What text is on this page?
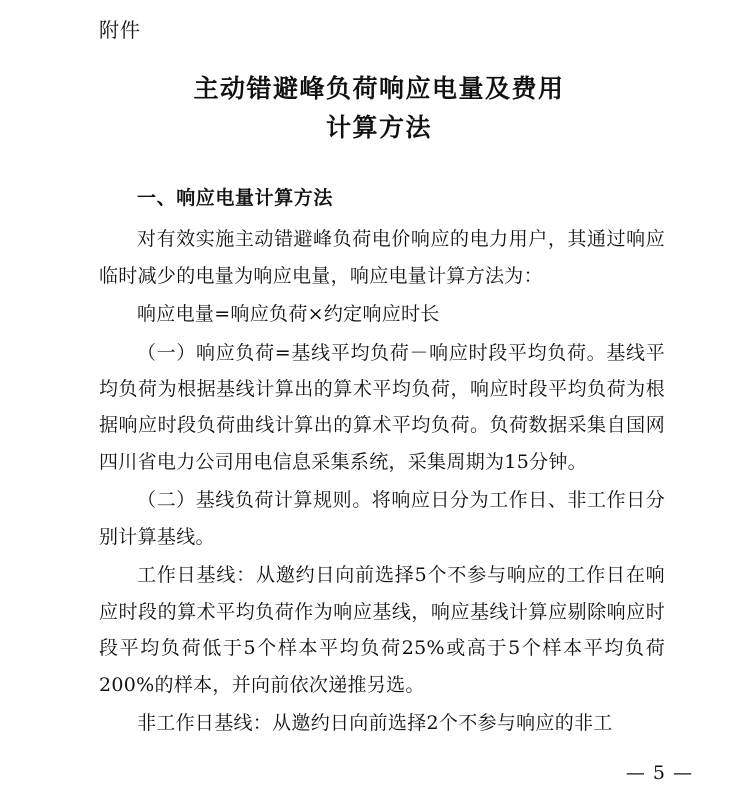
附件
主动错避峰负荷响应电量及费用
计算方法
一、响应电量计算方法

对有效实施主动错避峰负荷电价响应的电力用户，其通过响应临时减少的电量为响应电量，响应电量计算方法为：

响应电量=响应负荷×约定响应时长

（一）响应负荷=基线平均负荷－响应时段平均负荷。基线平均负荷为根据基线计算出的算术平均负荷，响应时段平均负荷为根据响应时段负荷曲线计算出的算术平均负荷。负荷数据采集自国网四川省电力公司用电信息采集系统，采集周期为15分钟。

（二）基线负荷计算规则。将响应日分为工作日、非工作日分别计算基线。

工作日基线：从邀约日向前选择5个不参与响应的工作日在响应时段的算术平均负荷作为响应基线，响应基线计算应剔除响应时段平均负荷低于5个样本平均负荷25%或高于5个样本平均负荷200%的样本，并向前依次递推另选。

非工作日基线：从邀约日向前选择2个不参与响应的非工

— 5 —
